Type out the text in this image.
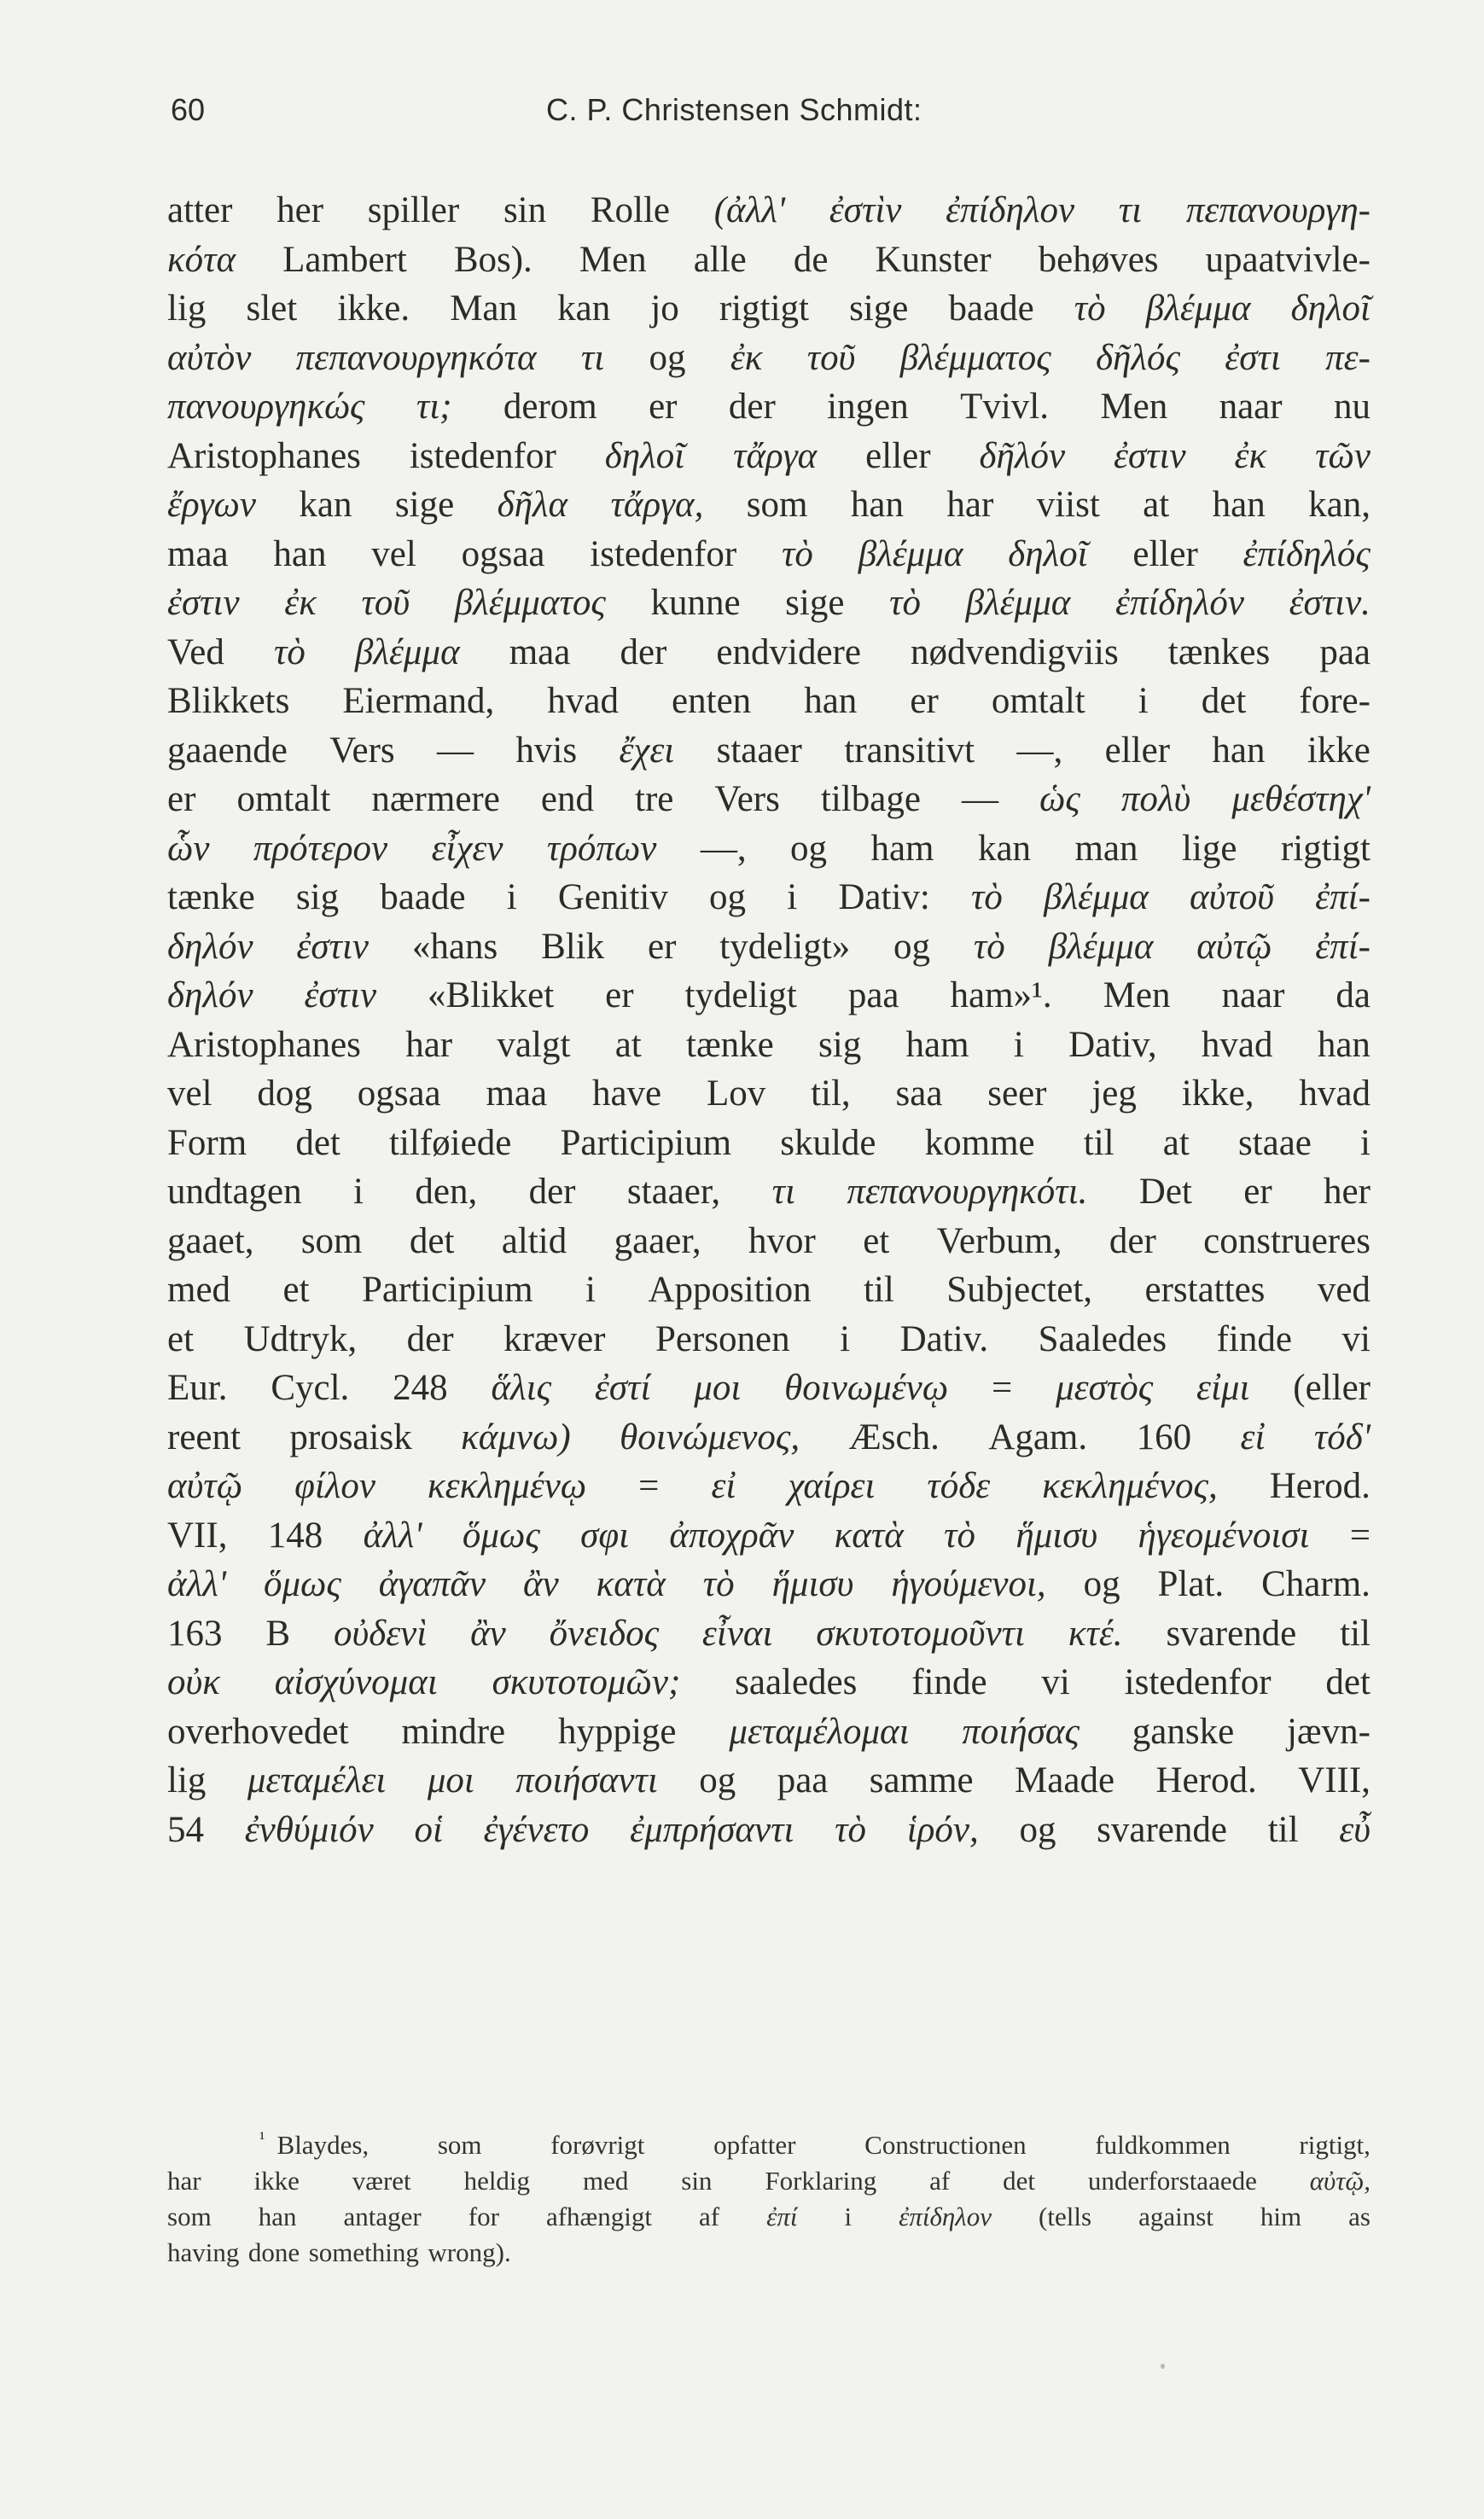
60	C. P. Christensen Schmidt:
atter her spiller sin Rolle (ἀλλ' ἐστὶν ἐπίδηλον τι πεπανουργη-
κότα Lambert Bos). Men alle de Kunster behøves upaatvivle-
lig slet ikke. Man kan jo rigtigt sige baade τὸ βλέμμα δηλοῖ
αὐτὸν πεπανουργηκότα τι og ἐκ τοῦ βλέμματος δῆλός ἐστι πε-
πανουργηκώς τι; derom er der ingen Tvivl. Men naar nu
Aristophanes istedenfor δηλοῖ τἄργα eller δῆλόν ἐστιν ἐκ τῶν
ἔργων kan sige δῆλα τἄργα, som han har viist at han kan,
maa han vel ogsaa istedenfor τὸ βλέμμα δηλοῖ eller ἐπίδηλός
ἐστιν ἐκ τοῦ βλέμματος kunne sige τὸ βλέμμα ἐπίδηλόν ἐστιν.
Ved τὸ βλέμμα maa der endvidere nødvendigviis tænkes paa
Blikkets Eiermand, hvad enten han er omtalt i det fore-
gaaende Vers — hvis ἔχει staaer transitivt —, eller han ikke
er omtalt nærmere end tre Vers tilbage — ὡς πολὺ μεθέστηχ'
ὧν πρότερον εἶχεν τρόπων —, og ham kan man lige rigtigt
tænke sig baade i Genitiv og i Dativ: τὸ βλέμμα αὐτοῦ ἐπί-
δηλόν ἐστιν «hans Blik er tydeligt» og τὸ βλέμμα αὐτῷ ἐπί-
δηλόν ἐστιν «Blikket er tydeligt paa ham»¹. Men naar da
Aristophanes har valgt at tænke sig ham i Dativ, hvad han
vel dog ogsaa maa have Lov til, saa seer jeg ikke, hvad
Form det tilføiede Participium skulde komme til at staae i
undtagen i den, der staaer, τι πεπανουργηκότι. Det er her
gaaet, som det altid gaaer, hvor et Verbum, der construeres
med et Participium i Apposition til Subjectet, erstattes ved
et Udtryk, der kræver Personen i Dativ. Saaledes finde vi
Eur. Cycl. 248 ἅλις ἐστί μοι θοινωμένῳ = μεστὸς εἰμι (eller
reent prosaisk κάμνω) θοινώμενος, Æsch. Agam. 160 εἰ τόδ'
αὐτῷ φίλον κεκλημένῳ = εἰ χαίρει τόδε κεκλημένος, Herod.
VII, 148 ἀλλ' ὅμως σφι ἀποχρᾶν κατὰ τὸ ἥμισυ ἡγεομένοισι =
ἀλλ' ὅμως ἀγαπᾶν ἂν κατὰ τὸ ἥμισυ ἡγούμενοι, og Plat. Charm.
163 B οὐδενὶ ἂν ὄνειδος εἶναι σκυτοτομοῦντι κτέ. svarende til
οὐκ αἰσχύνομαι σκυτοτομῶν; saaledes finde vi istedenfor det
overhovedet mindre hyppige μεταμέλομαι ποιήσας ganske jævn-
lig μεταμέλει μοι ποιήσαντι og paa samme Maade Herod. VIII,
54 ἐνθύμιόν οἱ ἐγένετο ἐμπρήσαντι τὸ ἱρόν, og svarende til εὖ
$^{^1}$ Blaydes,	som	forøvrigt	opfatter	Constructionen	fuldkommen	rigtigt,
har ikke været heldig med sin Forklaring af det underforstaaede αὐτῷ,
som han antager for afhængigt af ἐπί i ἐπίδηλον (tells against him as
having done something wrong).
